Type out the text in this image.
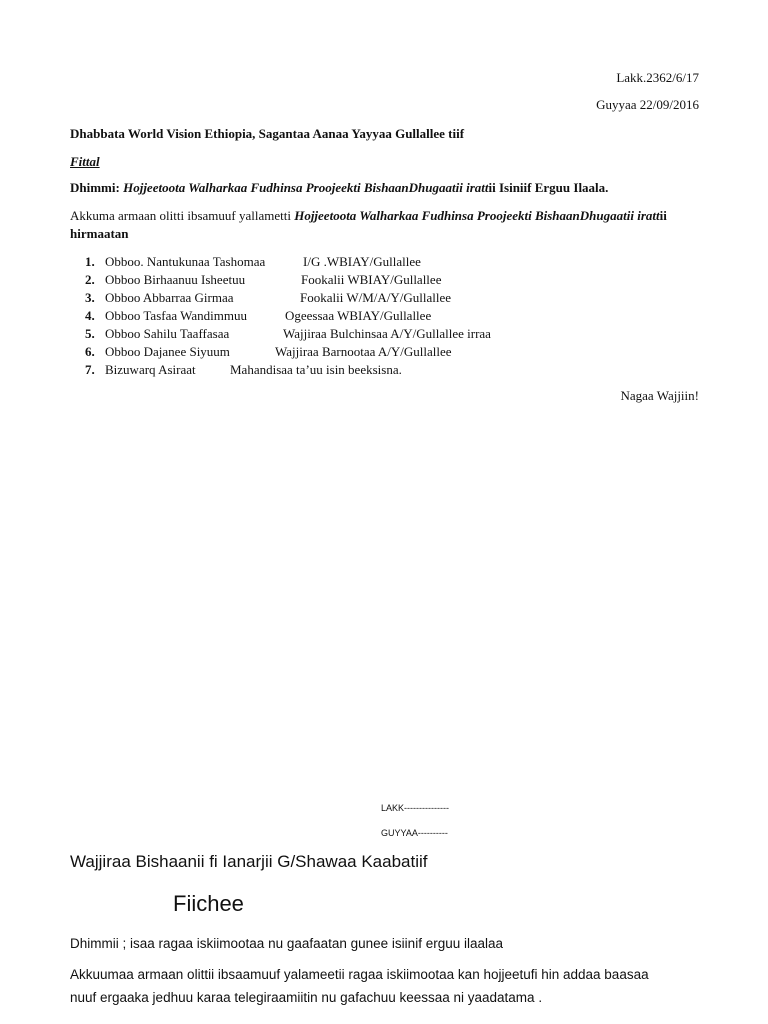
Lakk.2362/6/17
Guyyaa 22/09/2016
Dhabbata World Vision Ethiopia, Sagantaa Aanaa Yayyaa Gullallee tiif
Fittal
Dhimmi: Hojjeetoota Walharkaa Fudhinsa Proojeekti BishaanDhugaatii irattii Isiniif Erguu Ilaala.
Akkuma armaan olitti ibsamuuf yallametti Hojjeetoota Walharkaa Fudhinsa Proojeekti BishaanDhugaatii irattii
hirmaatan
1. Obboo. Nantukunaa Tashomaa	I/G .WBIAY/Gullallee
2. Obboo Birhaanuu Isheetuu	Fookalii WBIAY/Gullallee
3. Obboo Abbarraa Girmaa	Fookalii W/M/A/Y/Gullallee
4. Obboo Tasfaa Wandimmuu	Ogeessaa WBIAY/Gullallee
5. Obboo Sahilu Taaffasaa	Wajjiraa Bulchinsaa A/Y/Gullallee irraa
6. Obboo Dajanee Siyuum	Wajjiraa Barnootaa A/Y/Gullallee
7. Bizuwarq Asiraat	Mahandisaa ta’uu isin beeksisna.
Nagaa Wajjiin!
LAKK---------------
GUYYAA----------
Wajjiraa Bishaanii fi Ianarjii G/Shawaa Kaabatiif
Fiichee
Dhimmii ; isaa ragaa iskiimootaa nu gaafaatan gunee isiinif erguu ilaalaa
Akkuumaa armaan olittii ibsaamuuf yalameetii ragaa iskiimootaa kan hojjeetufi hin addaa baasaa
nuuf ergaaka jedhuu karaa telegiraamiitin nu gafachuu keessaa ni yaadatama .
